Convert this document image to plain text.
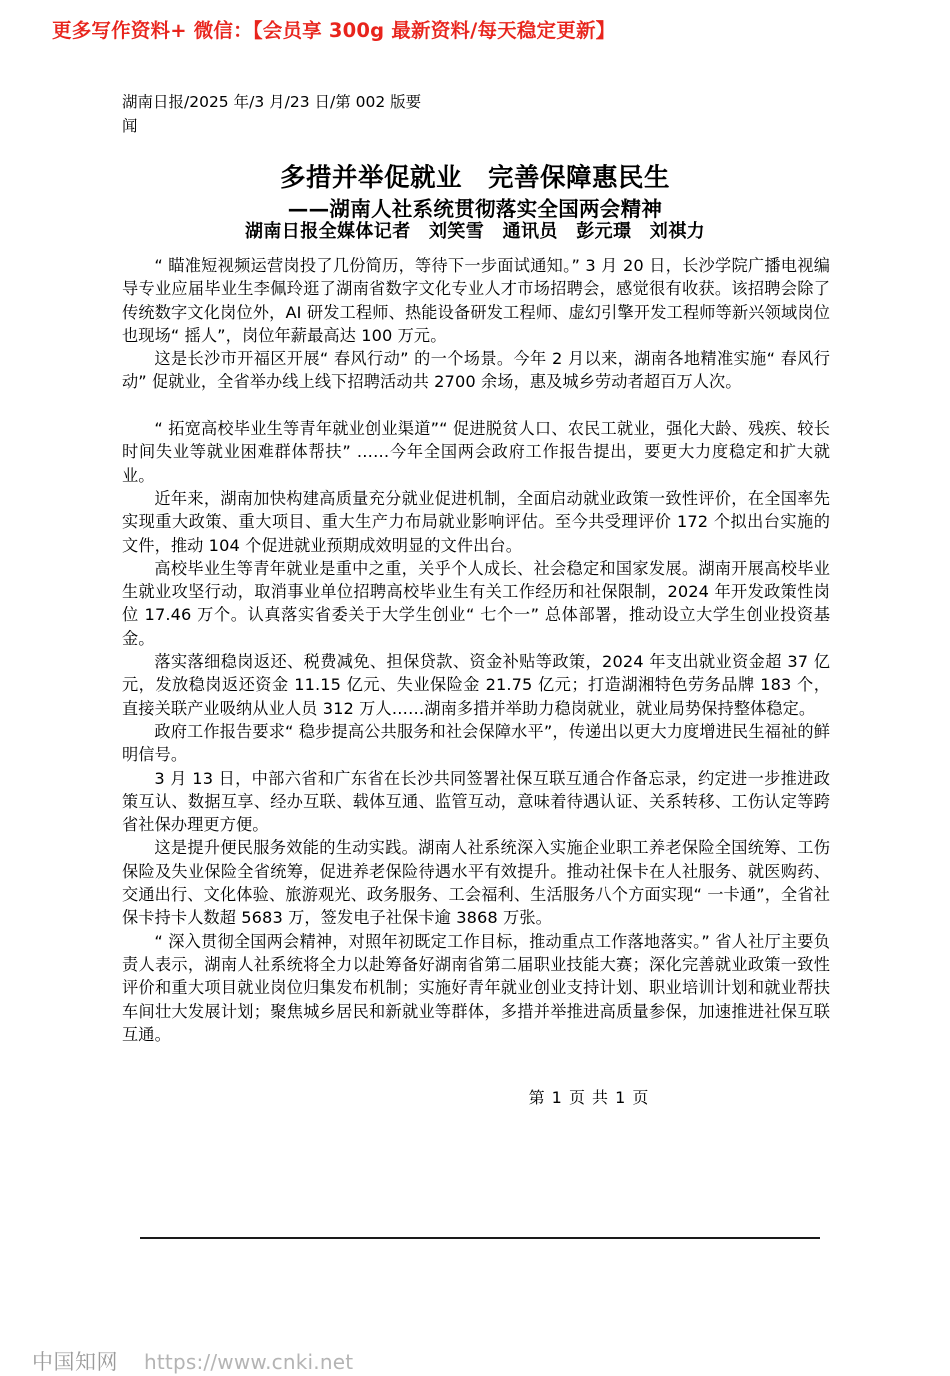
更多写作资料+ 微信：【会员享 300g 最新资料/每天稳定更新】
湖南日报/2025 年/3 月/23 日/第 002 版要闻
多措并举促就业　完善保障惠民生
——湖南人社系统贯彻落实全国两会精神
湖南日报全媒体记者　刘笑雪　通讯员　彭元璟　刘祺力

“ 瞄准短视频运营岗投了几份简历，等待下一步面试通知。” 3 月 20 日，长沙学院广播电视编导专业应届毕业生李佩玲逛了湖南省数字文化专业人才市场招聘会，感觉很有收获。该招聘会除了传统数字文化岗位外，AI 研发工程师、热能设备研发工程师、虚幻引擎开发工程师等新兴领域岗位也现场“ 摇人”，岗位年薪最高达 100 万元。

这是长沙市开福区开展“ 春风行动” 的一个场景。今年 2 月以来，湖南各地精准实施“ 春风行动” 促就业，全省举办线上线下招聘活动共 2700 余场，惠及城乡劳动者超百万人次。

“ 拓宽高校毕业生等青年就业创业渠道”“ 促进脱贫人口、农民工就业，强化大龄、残疾、较长时间失业等就业困难群体帮扶” ……今年全国两会政府工作报告提出，要更大力度稳定和扩大就业。

近年来，湖南加快构建高质量充分就业促进机制，全面启动就业政策一致性评价，在全国率先实现重大政策、重大项目、重大生产力布局就业影响评估。至今共受理评价 172 个拟出台实施的文件，推动 104 个促进就业预期成效明显的文件出台。

高校毕业生等青年就业是重中之重，关乎个人成长、社会稳定和国家发展。湖南开展高校毕业生就业攻坚行动，取消事业单位招聘高校毕业生有关工作经历和社保限制，2024 年开发政策性岗位 17.46 万个。认真落实省委关于大学生创业“ 七个一” 总体部署，推动设立大学生创业投资基金。

落实落细稳岗返还、税费减免、担保贷款、资金补贴等政策，2024 年支出就业资金超 37 亿元，发放稳岗返还资金 11.15 亿元、失业保险金 21.75 亿元；打造湖湘特色劳务品牌 183 个，直接关联产业吸纳从业人员 312 万人……湖南多措并举助力稳岗就业，就业局势保持整体稳定。

政府工作报告要求“ 稳步提高公共服务和社会保障水平”，传递出以更大力度增进民生福祉的鲜明信号。

3 月 13 日，中部六省和广东省在长沙共同签署社保互联互通合作备忘录，约定进一步推进政策互认、数据互享、经办互联、载体互通、监管互动，意味着待遇认证、关系转移、工伤认定等跨省社保办理更方便。

这是提升便民服务效能的生动实践。湖南人社系统深入实施企业职工养老保险全国统筹、工伤保险及失业保险全省统筹，促进养老保险待遇水平有效提升。推动社保卡在人社服务、就医购药、交通出行、文化体验、旅游观光、政务服务、工会福利、生活服务八个方面实现“ 一卡通”，全省社保卡持卡人数超 5683 万，签发电子社保卡逾 3868 万张。

“ 深入贯彻全国两会精神，对照年初既定工作目标，推动重点工作落地落实。” 省人社厅主要负责人表示，湖南人社系统将全力以赴筹备好湖南省第二届职业技能大赛；深化完善就业政策一致性评价和重大项目就业岗位归集发布机制；实施好青年就业创业支持计划、职业培训计划和就业帮扶车间壮大发展计划；聚焦城乡居民和新就业等群体，多措并举推进高质量参保，加速推进社保互联互通。

第 1 页 共 1 页
中国知网 https://www.cnki.net
